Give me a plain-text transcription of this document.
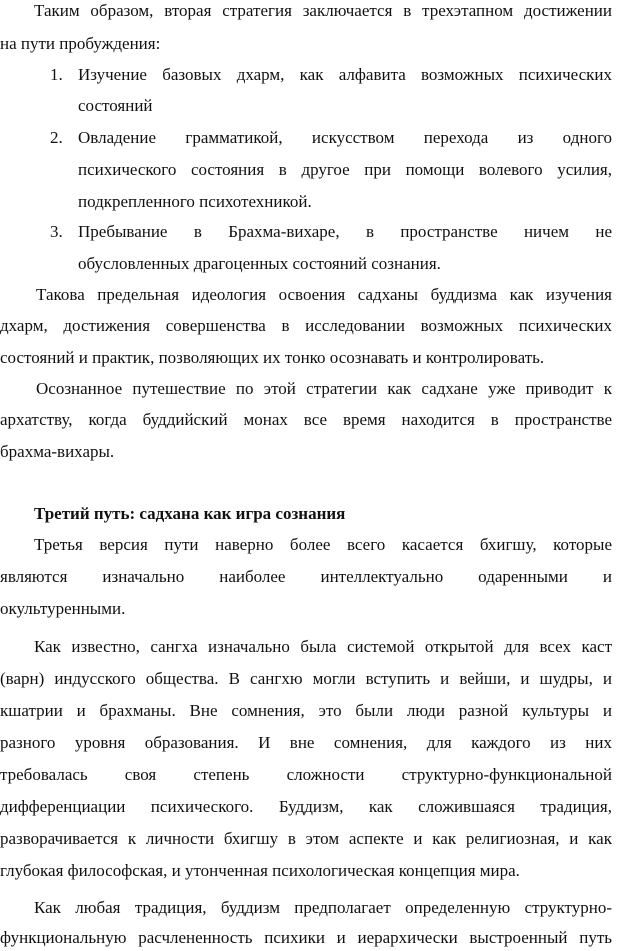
Таким образом, вторая стратегия заключается в трехэтапном достижении
на пути пробуждения:
1. Изучение базовых дхарм, как алфавита возможных психических
состояний
2. Овладение грамматикой, искусством перехода из одного
психического состояния в другое при помощи волевого усилия,
подкрепленного психотехникой.
3. Пребывание в Брахма-вихаре, в пространстве ничем не
обусловленных драгоценных состояний сознания.
Такова предельная идеология освоения садханы буддизма как изучения
дхарм, достижения совершенства в исследовании возможных психических
состояний и практик, позволяющих их тонко осознавать и контролировать.
Осознанное путешествие по этой стратегии как садхане уже приводит к
архатству, когда буддийский монах все время находится в пространстве
брахма-вихары.
Третий путь: садхана как игра сознания
Третья версия пути наверно более всего касается бхигшу, которые
являются изначально наиболее интеллектуально одаренными и
окультуренными.
Как известно, сангха изначально была системой открытой для всех каст
(варн) индусского общества. В сангхю могли вступить и вейши, и шудры, и
кшатрии и брахманы. Вне сомнения, это были люди разной культуры и
разного уровня образования. И вне сомнения, для каждого из них
требовалась своя степень сложности структурно-функциональной
дифференциации психического. Буддизм, как сложившаяся традиция,
разворачивается к личности бхигшу в этом аспекте и как религиозная, и как
глубокая философская, и утонченная психологическая концепция мира.
Как любая традиция, буддизм предполагает определенную структурно-
функциональную расчлененность психики и иерархически выстроенный путь
